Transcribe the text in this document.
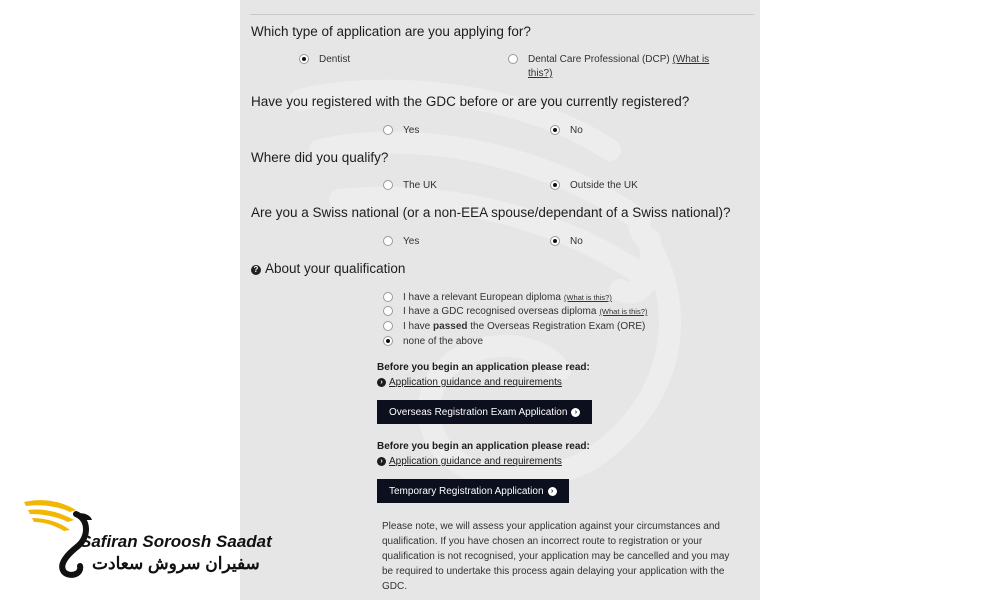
Which type of application are you applying for?
Dentist	Dental Care Professional (DCP) (What is this?)
Have you registered with the GDC before or are you currently registered?
Yes	No
Where did you qualify?
The UK	Outside the UK
Are you a Swiss national (or a non-EEA spouse/dependant of a Swiss national)?
Yes	No
? About your qualification
I have a relevant European diploma (What is this?)
I have a GDC recognised overseas diploma (What is this?)
I have passed the Overseas Registration Exam (ORE)
none of the above
Before you begin an application please read:
› Application guidance and requirements
Overseas Registration Exam Application	›
Before you begin an application please read:
› Application guidance and requirements
Temporary Registration Application	›
Please note, we will assess your application against your circumstances and qualification. If you have chosen an incorrect route to registration or your qualification is not recognised, your application may be cancelled and you may be required to undertake this process again delaying your application with the GDC.
Safiran Soroosh Saadat
سفیران سروش سعادت
